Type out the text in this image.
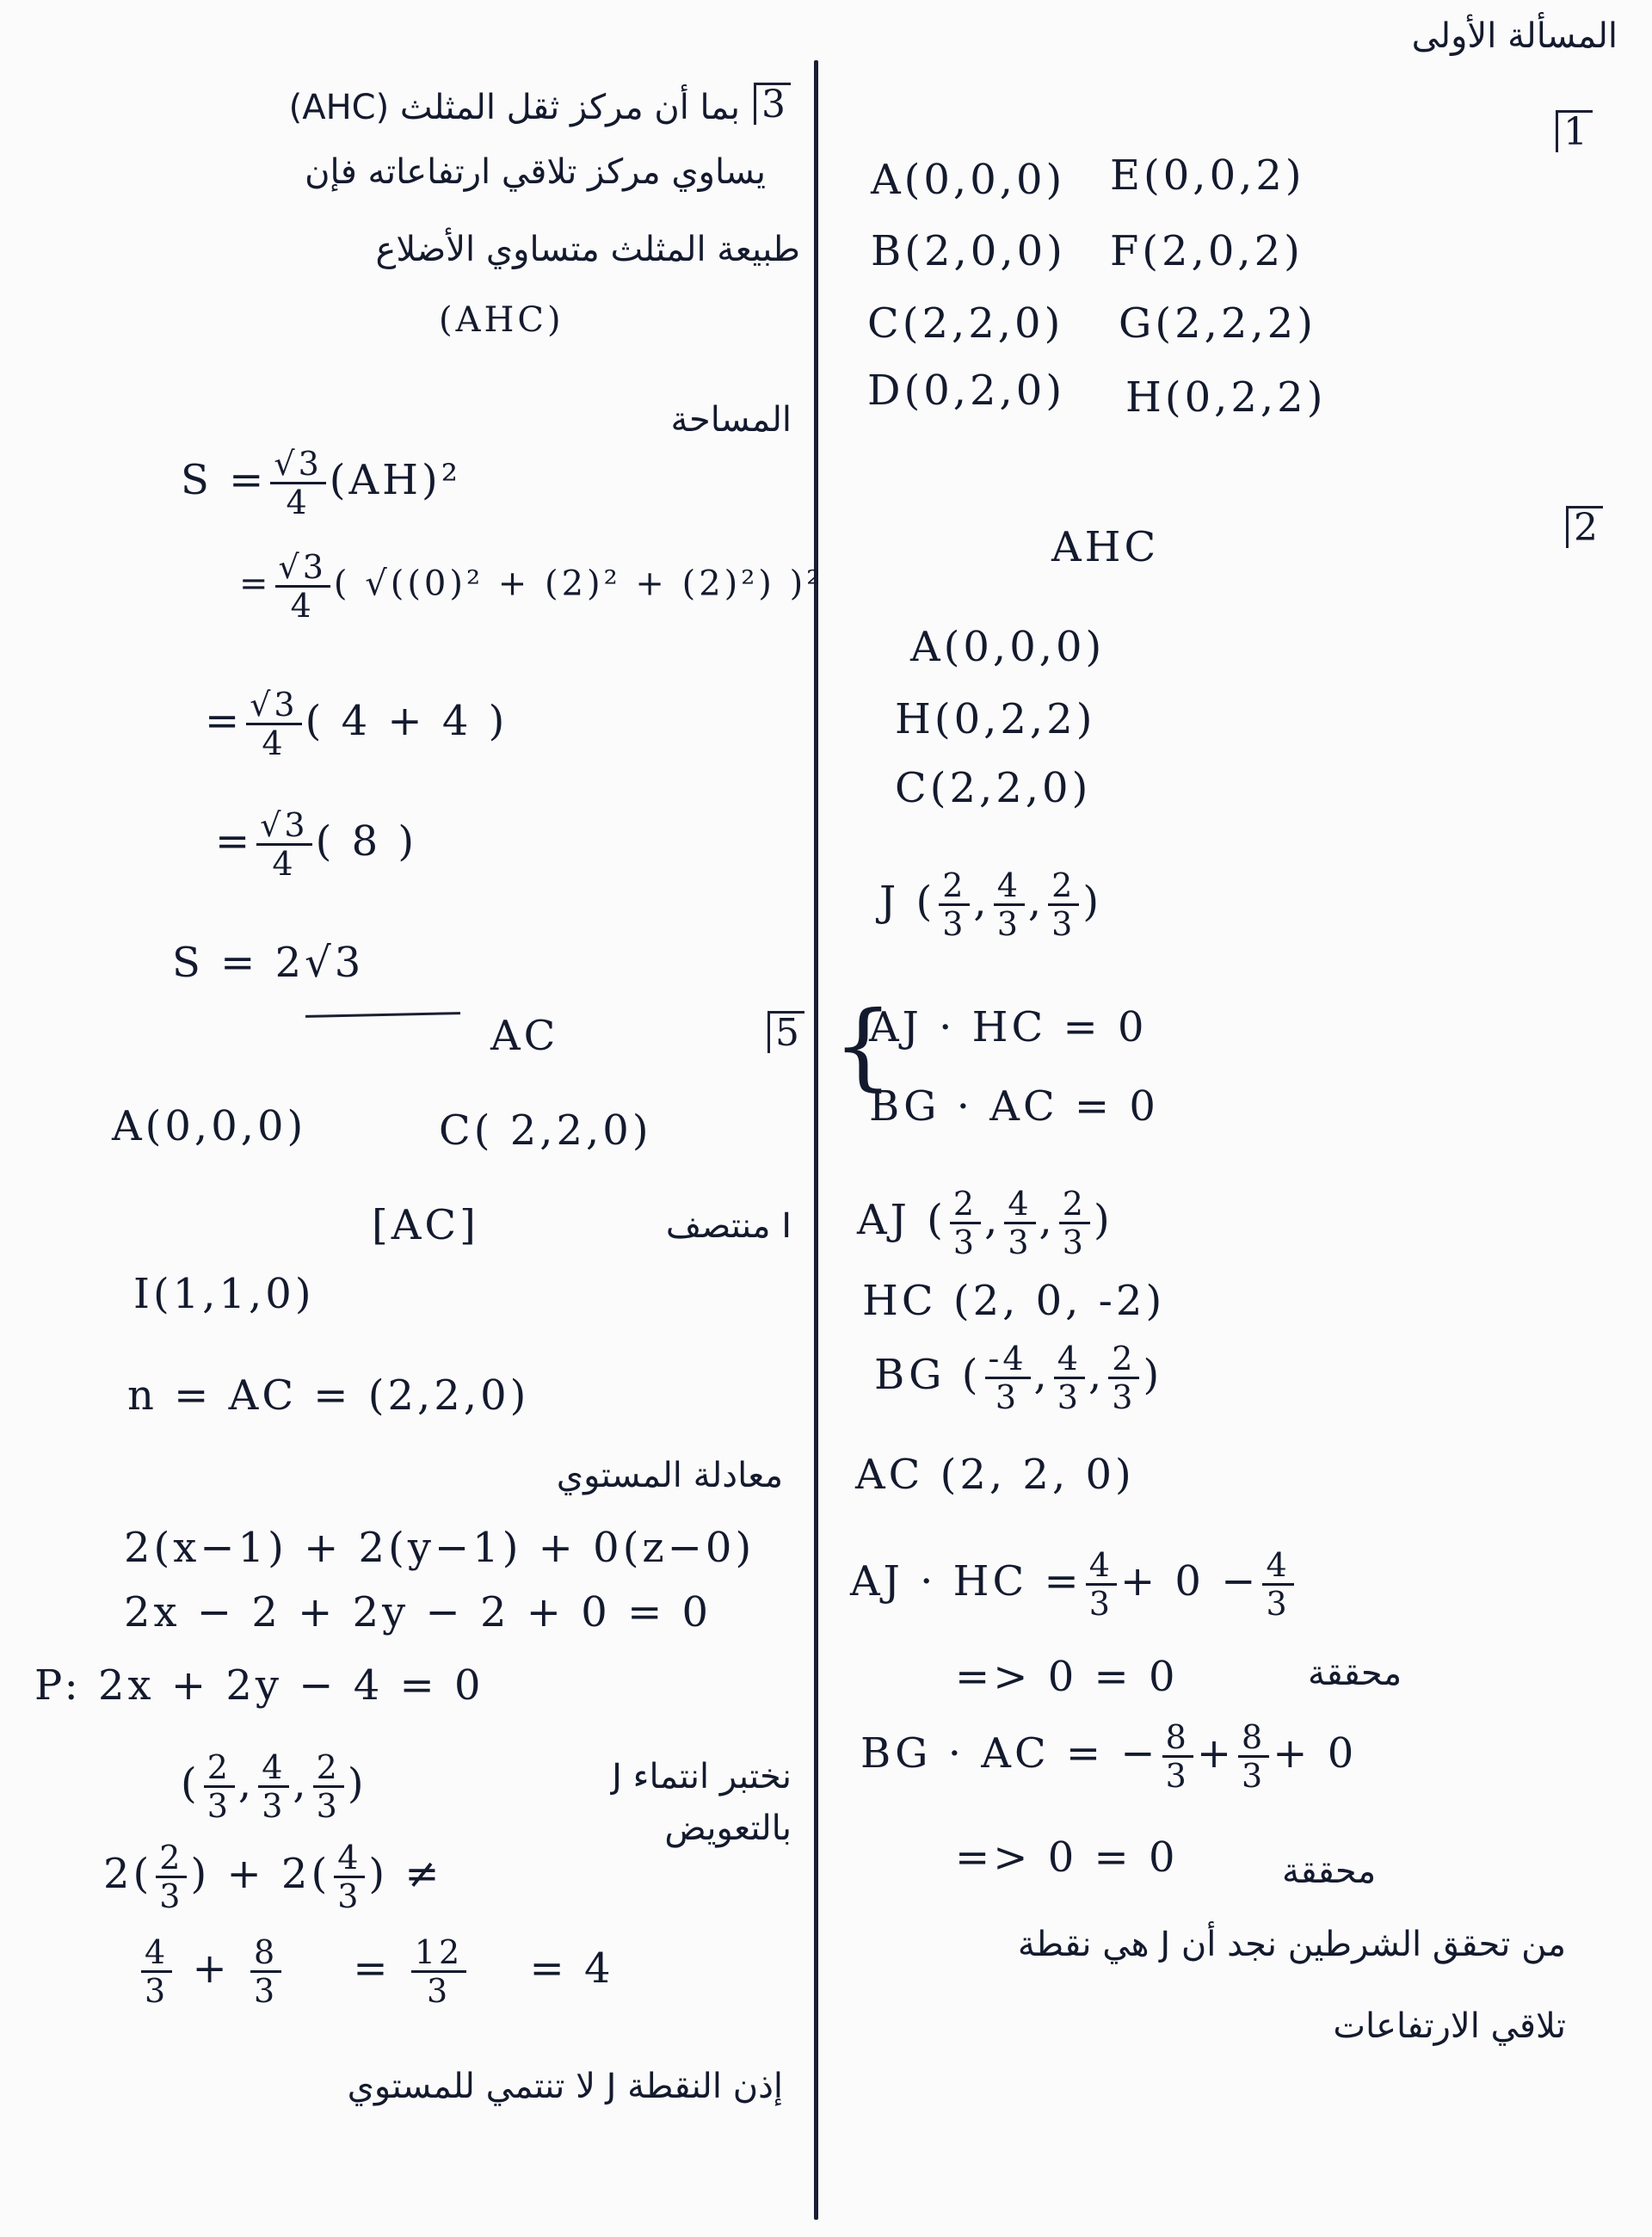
المسألة الأولى
1
A(0,0,0) E(0,0,2)
B(2,0,0) F(2,0,2)
C(2,2,0) G(2,2,2)
D(0,2,0) H(0,2,2)
2
AHC
A(0,0,0)
H(0,2,2)
C(2,2,0)
J ( $\frac{2}{3}$ , $\frac{4}{3}$ , $\frac{2}{3}$ )
5 {
AJ · HC = 0
BG · AC = 0
AJ ( $\frac{2}{3}$ , $\frac{4}{3}$ , $\frac{2}{3}$ )
HC (2, 0, -2)
BG ( $\frac{-4}{3}$ , $\frac{4}{3}$ , $\frac{2}{3}$ )
AC (2, 2, 0)
AJ · HC = $\frac{4}{3} + 0 - \frac{4}{3}$
=> 0 = 0	محققة
BG · AC = − $\frac{8}{3} + \frac{8}{3} + 0$
=> 0 = 0	محققة
من تحقق الشرطين نجد أن J هي نقطة
تلاقي الارتفاعات
3
بما أن مركز ثقل المثلث (AHC)
يساوي مركز تلاقي ارتفاعاته فإن
طبيعة المثلث متساوي الأضلاع
(AHC)
المساحة
$S = \frac{√3}{4} (AH)^2$
= $\frac{√3}{4}$ ( √((0)² + (2)² + (2)²) )²
= $\frac{√3}{4}$ ( 4 + 4 )
= $\frac{√3}{4}$ ( 8 )
S = 2√3
AC
A(0,0,0)	C( 2,2,0)
I منتصف
[AC]
I(1,1,0)
n = AC = (2,2,0)
معادلة المستوي
2(x−1) + 2(y−1) + 0(z−0)
2x − 2 + 2y − 2 + 0 = 0
P: 2x + 2y − 4 = 0
نختبر انتماء J
( $\frac{2}{3}$ , $\frac{4}{3}$ , $\frac{2}{3}$ )
بالتعويض
$2( \frac{2}{3}$ ) + $2( \frac{4}{3}$ ) ≠
$\frac{4}{3} + \frac{8}{3} = \frac{12}{3} = 4$
إذن النقطة J لا تنتمي للمستوي
